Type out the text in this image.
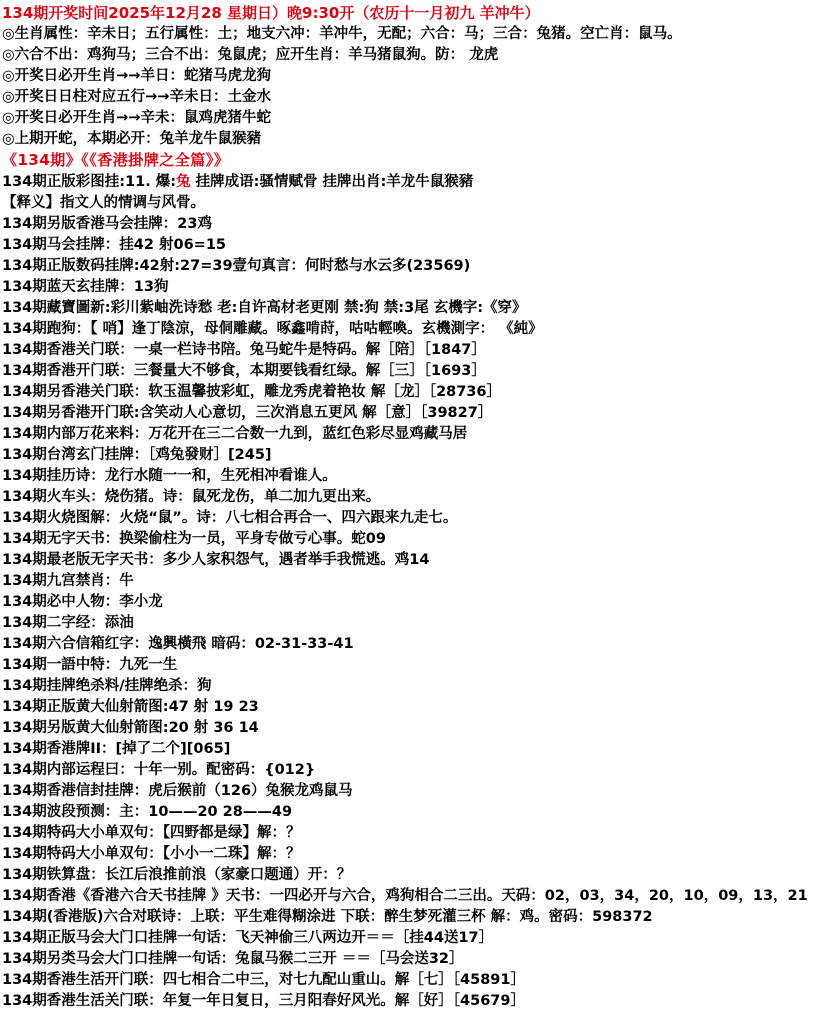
134期开奖时间2025年12月28 星期日）晚9:30开（农历十一月初九 羊冲牛）
◎生肖属性：辛未日；五行属性：土；地支六冲：羊冲牛，无配；六合：马；三合：兔猪。空亡肖：鼠马。
◎六合不出：鸡狗马；三合不出：兔鼠虎；应开生肖：羊马猪鼠狗。防： 龙虎
◎开奖日必开生肖→→羊日：蛇猪马虎龙狗
◎开奖日日柱对应五行→→辛未日：土金水
◎开奖日必开生肖→→辛未：鼠鸡虎猪牛蛇
◎上期开蛇，本期必开：兔羊龙牛鼠猴豬
《134期》《《香港掛牌之全篇》》
134期正版彩图挂:11. 爆:兔 挂牌成语:骚情赋骨 挂牌出肖:羊龙牛鼠猴豬
【释义】指文人的情调与风骨。
134期另版香港马会挂牌：23鸡
134期马会挂牌：挂42 射06=15
134期正版数码挂牌:42射:27=39壹句真言：何时愁与水云多(23569)
134期蓝天玄挂牌：13狗
134期藏寶圖新:彩川紫岫洗诗愁 老:自许高材老更刚 禁:狗 禁:3尾 玄機字:《穿》
134期跑狗：【 哨】逢丁陰涼，母侗雕藏。啄鑫啃莳，咕咕輕喚。玄機測字： 《純》
134期香港关门联：一桌一栏诗书陪。兔马蛇牛是特码。解［陪］［1847］
134期香港开门联：三餐量大不够食，本期要钱看红绿。解［三］［1693］
134期另香港关门联：软玉温馨披彩虹，雕龙秀虎着艳妆 解［龙］［28736］
134期另香港开门联:含笑动人心意切，三次消息五更风 解［意］［39827］
134期内部万花来料：万花开在三二合数一九到，蓝红色彩尽显鸡藏马居
134期台湾玄门挂牌：［鸡兔發财］[245]
134期挂历诗：龙行水随一一和，生死相冲看谁人。
134期火车头：烧伤猪。诗：鼠死龙伤，单二加九更出来。
134期火烧图解：火烧“鼠”。诗：八七相合再合一、四六跟来九走七。
134期无字天书：换梁偷柱为一员，平身专做亏心事。蛇09
134期最老版无字天书：多少人家积怨气，遇者举手我慌逃。鸡14
134期九宫禁肖：牛
134期必中人物：李小龙
134期二字经：添油
134期六合信箱红字：逸興橫飛 暗码：02-31-33-41
134期一語中特：九死一生
134期挂牌绝杀料/挂牌绝杀：狗
134期正版黄大仙射箭图:47 射 19 23
134期另版黄大仙射箭图:20 射 36 14
134期香港牌II：[掉了二个][065]
134期内部运程曰：十年一别。配密码：{012}
134期香港信封挂牌：虎后猴前（126）兔猴龙鸡鼠马
134期波段预测：主：10——20 28——49
134期特码大小单双句：【四野都是绿】解：？
134期特码大小单双句：【小小一二珠】解：？
134期铁算盘：长江后浪推前浪（家豪口题通）开：？
134期香港《香港六合天书挂牌 》天书：一四必开与六合，鸡狗相合二三出。天码：02，03，34，20，10，09，13，21
134期(香港版)六合对联诗：上联：平生难得糊涂进 下联：醉生梦死灌三杯 解：鸡。密码：598372
134期正版马会大门口挂牌一句话：飞天神偷三八两边开＝＝［挂44送17］
134期另类马会大门口挂牌一句话：兔鼠马猴二三开 ＝＝［马会送32］
134期香港生活开门联：四七相合二中三，对七九配山重山。解［七］［45891］
134期香港生活关门联：年复一年日复日，三月阳春好风光。解［好］［45679］
